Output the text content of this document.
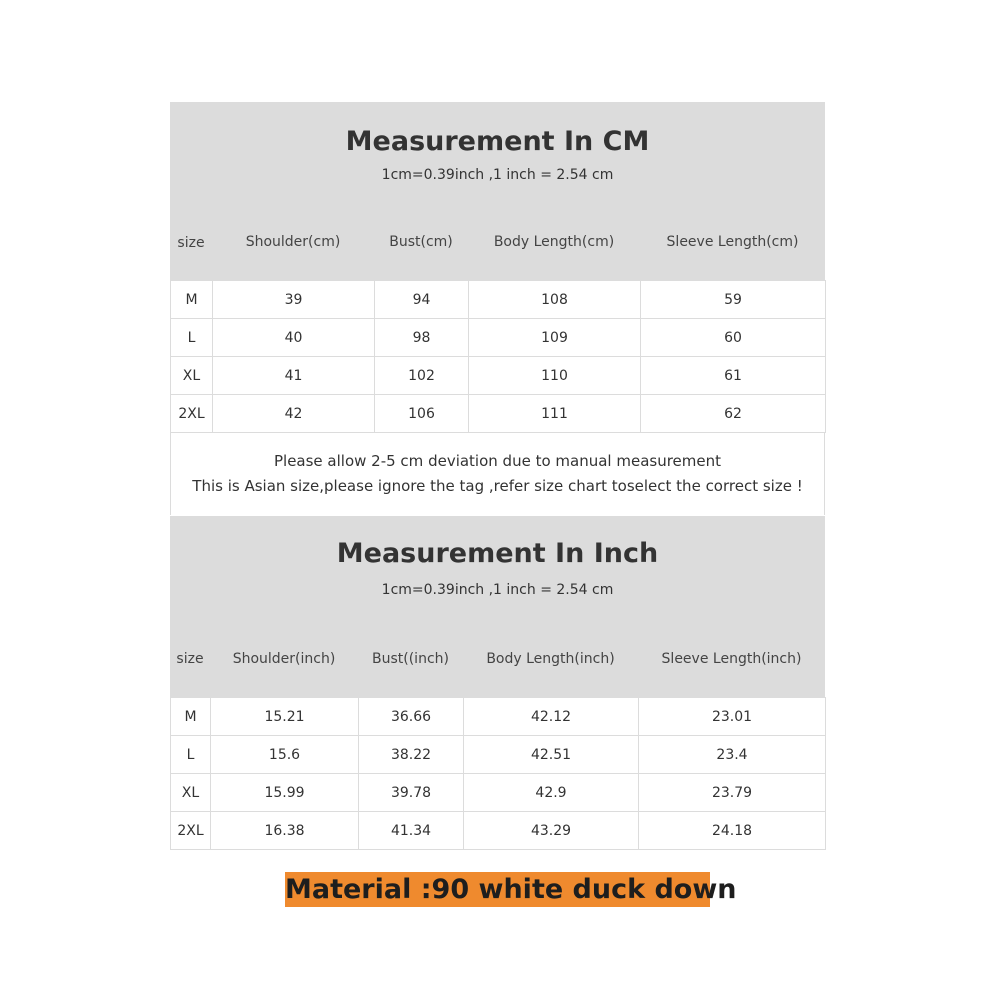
Measurement In CM
1cm=0.39inch ,1 inch = 2.54 cm
size	Shoulder(cm)	Bust(cm)	Body Length(cm)	Sleeve Length(cm)
M	39	94	108	59
L	40	98	109	60
XL	41	102	110	61
2XL	42	106	111	62
Please allow 2-5 cm deviation due to manual measurement
This is Asian size,please ignore the tag ,refer size chart toselect the correct size !
Measurement In Inch
1cm=0.39inch ,1 inch = 2.54 cm
size	Shoulder(inch)	Bust((inch)	Body Length(inch)	Sleeve Length(inch)
M	15.21	36.66	42.12	23.01
L	15.6	38.22	42.51	23.4
XL	15.99	39.78	42.9	23.79
2XL	16.38	41.34	43.29	24.18
Material :90 white duck down
